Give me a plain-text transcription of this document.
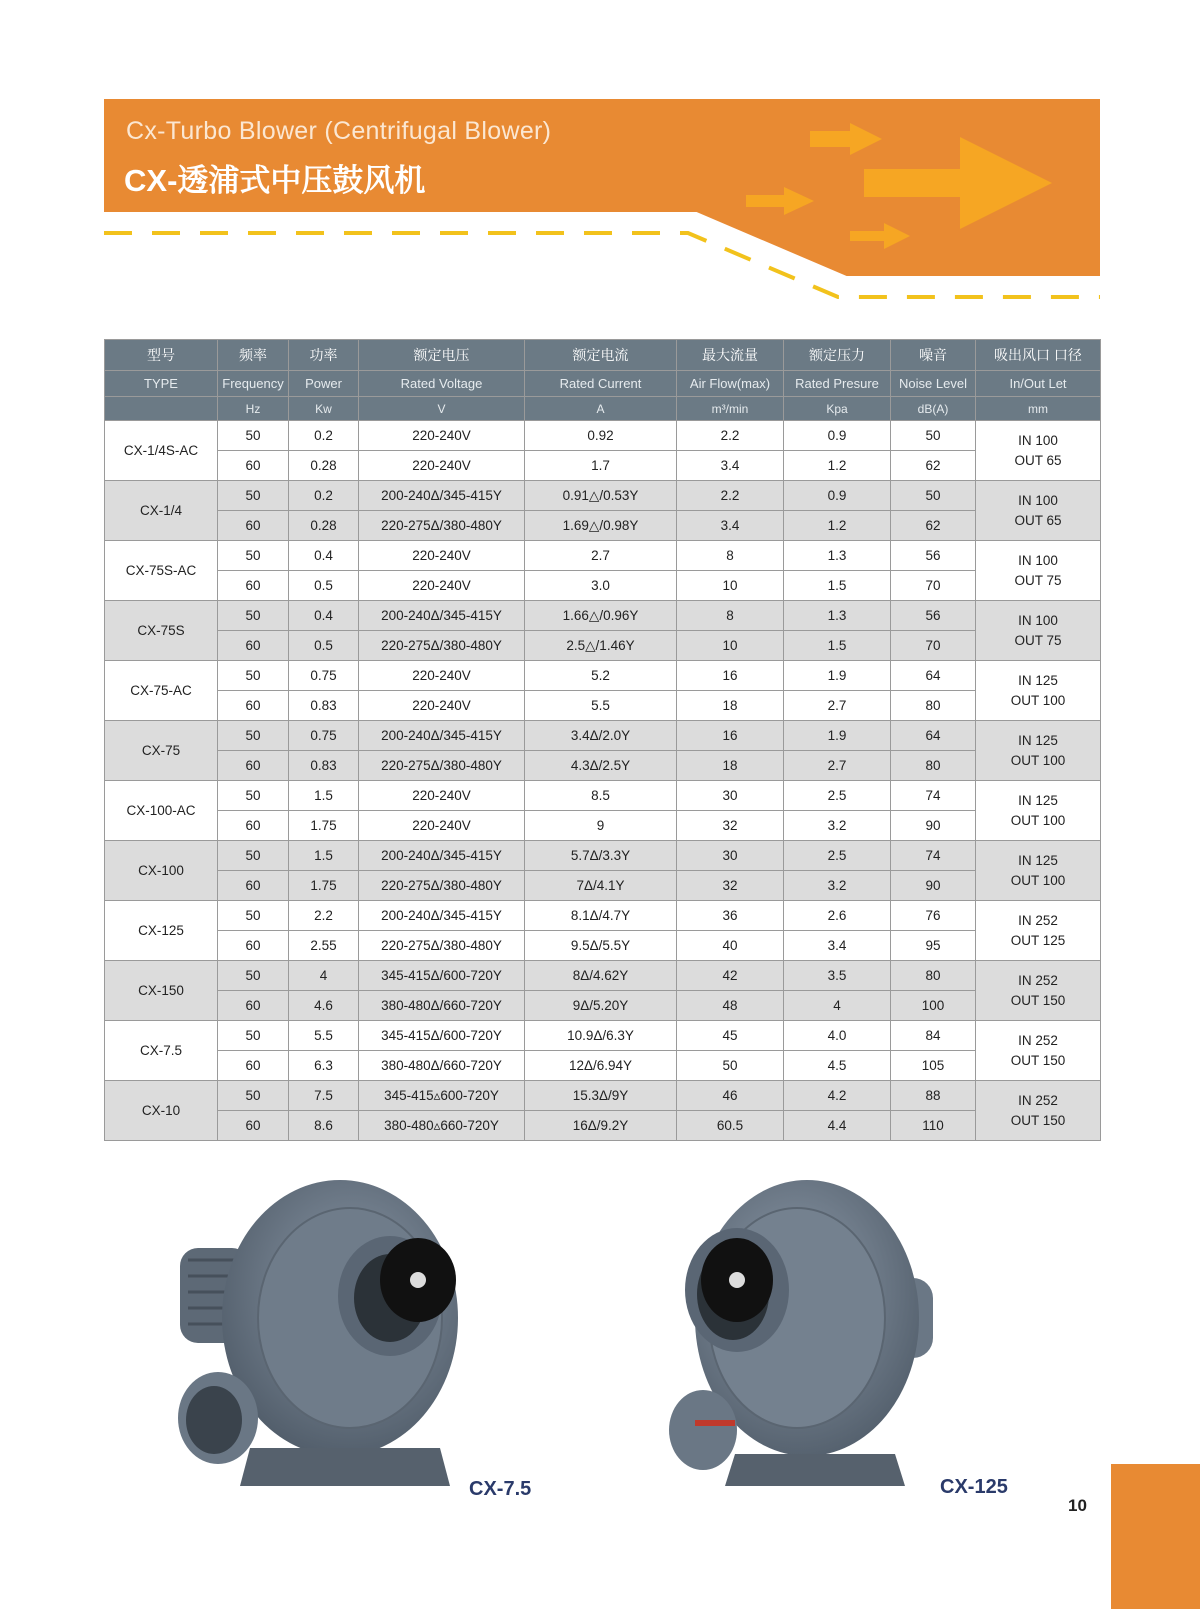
Cx-Turbo Blower (Centrifugal Blower)
CX-透浦式中压鼓风机
型号	频率	功率	额定电压	额定电流	最大流量	额定压力	噪音	吸出风口 口径
TYPE	Frequency	Power	Rated Voltage	Rated Current	Air Flow(max)	Rated Presure	Noise Level	In/Out Let
	Hz	Kw	V	A	m³/min	Kpa	dB(A)	mm
CX-1/4S-AC	50	0.2	220-240V	0.92	2.2	0.9	50	IN 100
OUT 65

	60	0.28	220-240V	1.7	3.4	1.2	62	
CX-1/4	50	0.2	200-240Δ/345-415Y	0.91△/0.53Y	2.2	0.9	50	IN 100
OUT 65

	60	0.28	220-275Δ/380-480Y	1.69△/0.98Y	3.4	1.2	62	
CX-75S-AC	50	0.4	220-240V	2.7	8	1.3	56	IN 100
OUT 75

	60	0.5	220-240V	3.0	10	1.5	70	
CX-75S	50	0.4	200-240Δ/345-415Y	1.66△/0.96Y	8	1.3	56	IN 100
OUT 75

	60	0.5	220-275Δ/380-480Y	2.5△/1.46Y	10	1.5	70	
CX-75-AC	50	0.75	220-240V	5.2	16	1.9	64	IN 125
OUT 100

	60	0.83	220-240V	5.5	18	2.7	80	
CX-75	50	0.75	200-240Δ/345-415Y	3.4Δ/2.0Y	16	1.9	64	IN 125
OUT 100

	60	0.83	220-275Δ/380-480Y	4.3Δ/2.5Y	18	2.7	80	
CX-100-AC	50	1.5	220-240V	8.5	30	2.5	74	IN 125
OUT 100

	60	1.75	220-240V	9	32	3.2	90	
CX-100	50	1.5	200-240Δ/345-415Y	5.7Δ/3.3Y	30	2.5	74	IN 125
OUT 100

	60	1.75	220-275Δ/380-480Y	7Δ/4.1Y	32	3.2	90	
CX-125	50	2.2	200-240Δ/345-415Y	8.1Δ/4.7Y	36	2.6	76	IN 252
OUT 125

	60	2.55	220-275Δ/380-480Y	9.5Δ/5.5Y	40	3.4	95	
CX-150	50	4	345-415Δ/600-720Y	8Δ/4.62Y	42	3.5	80	IN 252
OUT 150

	60	4.6	380-480Δ/660-720Y	9Δ/5.20Y	48	4	100	
CX-7.5	50	5.5	345-415Δ/600-720Y	10.9Δ/6.3Y	45	4.0	84	IN 252
OUT 150

	60	6.3	380-480Δ/660-720Y	12Δ/6.94Y	50	4.5	105	
CX-10	50	7.5	345-415▵600-720Y	15.3Δ/9Y	46	4.2	88	IN 252
OUT 150

	60	8.6	380-480▵660-720Y	16Δ/9.2Y	60.5	4.4	110	
CX-7.5	CX-125
10
